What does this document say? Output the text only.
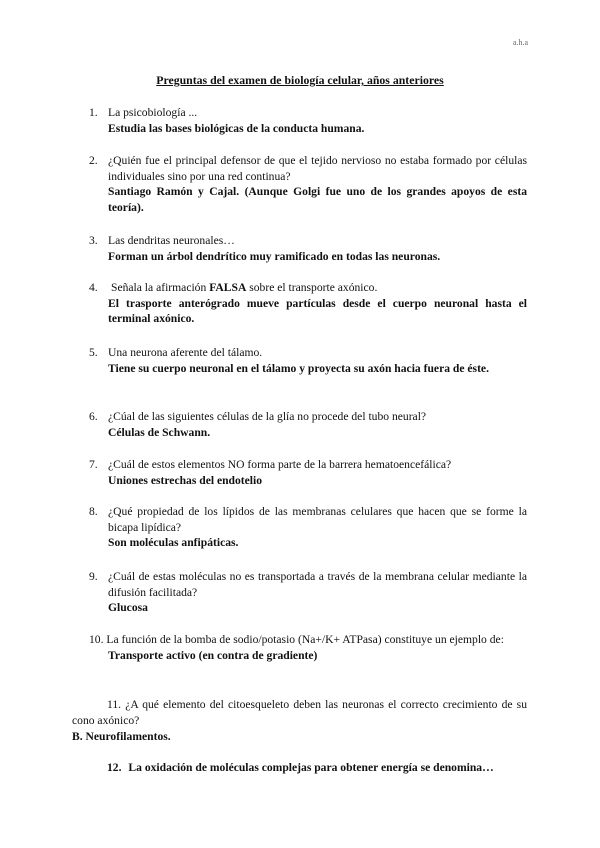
a.h.a
Preguntas del examen de biología celular, años anteriores
1. La psicobiología ...
Estudia las bases biológicas de la conducta humana.
2. ¿Quién fue el principal defensor de que el tejido nervioso no estaba formado por células individuales sino por una red continua?
Santiago Ramón y Cajal. (Aunque Golgi fue uno de los grandes apoyos de esta teoría).
3. Las dendritas neuronales…
Forman un árbol dendrítico muy ramificado en todas las neuronas.
4. Señala la afirmación FALSA sobre el transporte axónico.
El trasporte anterógrado mueve partículas desde el cuerpo neuronal hasta el terminal axónico.
5. Una neurona aferente del tálamo.
Tiene su cuerpo neuronal en el tálamo y proyecta su axón hacia fuera de éste.
6. ¿Cúal de las siguientes células de la glía no procede del tubo neural?
Células de Schwann.
7. ¿Cuál de estos elementos NO forma parte de la barrera hematoencefálica?
Uniones estrechas del endotelio
8. ¿Qué propiedad de los lípidos de las membranas celulares que hacen que se forme la bicapa lipídica?
Son moléculas anfipáticas.
9. ¿Cuál de estas moléculas no es transportada a través de la membrana celular mediante la difusión facilitada?
Glucosa
10. La función de la bomba de sodio/potasio (Na+/K+ ATPasa) constituye un ejemplo de:
Transporte activo (en contra de gradiente)
11. ¿A qué elemento del citoesqueleto deben las neuronas el correcto crecimiento de su cono axónico?
B. Neurofilamentos.
12. La oxidación de moléculas complejas para obtener energía se denomina…
